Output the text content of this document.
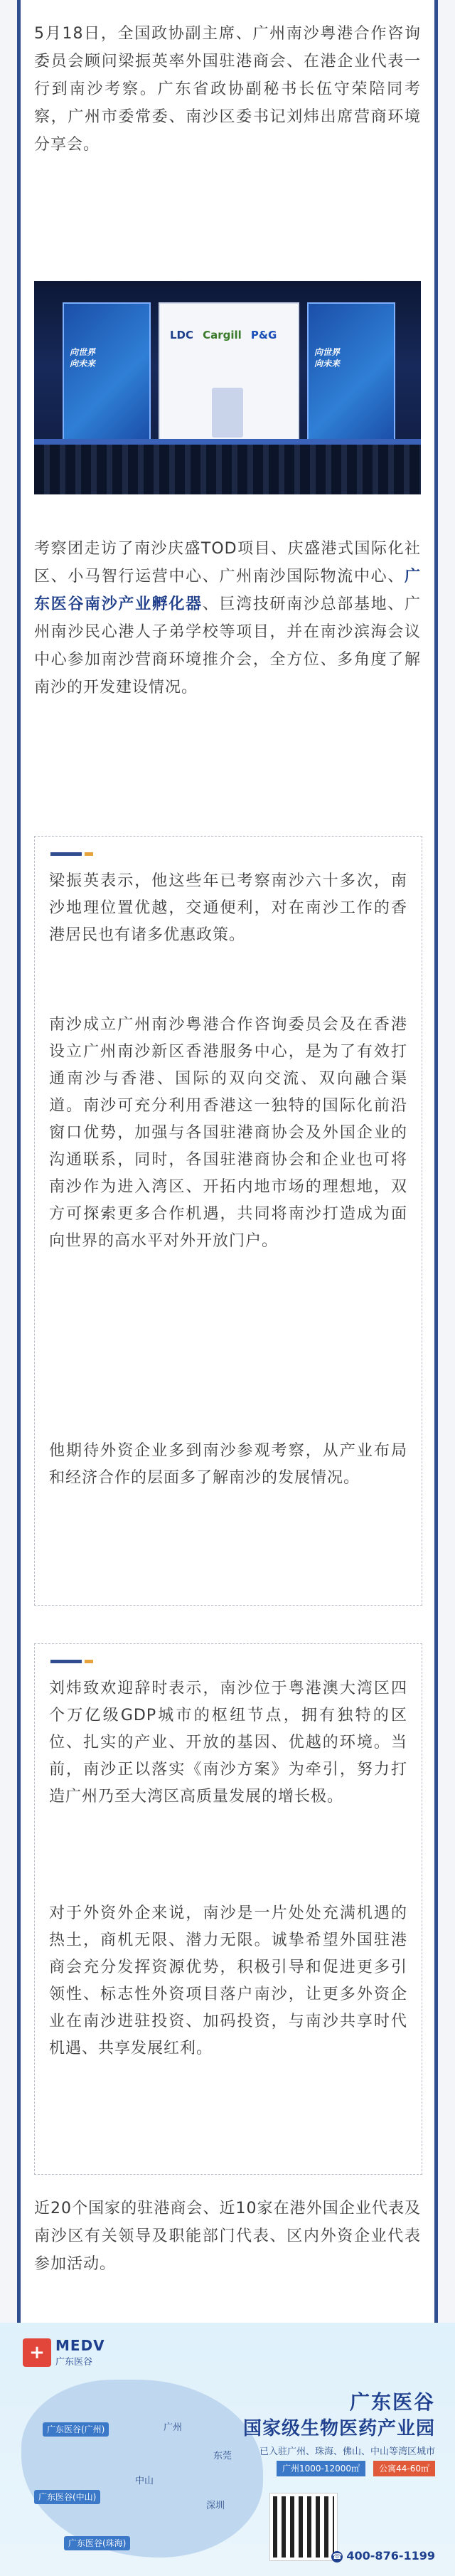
5月18日，全国政协副主席、广州南沙粤港合作咨询委员会顾问梁振英率外国驻港商会、在港企业代表一行到南沙考察。广东省政协副秘书长伍守荣陪同考察，广州市委常委、南沙区委书记刘炜出席营商环境分享会。

向世界
向未来
LDC Cargill P&G
向世界
向未来

考察团走访了南沙庆盛TOD项目、庆盛港式国际化社区、小马智行运营中心、广州南沙国际物流中心、广东医谷南沙产业孵化器、巨湾技研南沙总部基地、广州南沙民心港人子弟学校等项目，并在南沙滨海会议中心参加南沙营商环境推介会，全方位、多角度了解南沙的开发建设情况。

梁振英表示，他这些年已考察南沙六十多次，南沙地理位置优越，交通便利，对在南沙工作的香港居民也有诸多优惠政策。

南沙成立广州南沙粤港合作咨询委员会及在香港设立广州南沙新区香港服务中心，是为了有效打通南沙与香港、国际的双向交流、双向融合渠道。南沙可充分利用香港这一独特的国际化前沿窗口优势，加强与各国驻港商协会及外国企业的沟通联系，同时，各国驻港商协会和企业也可将南沙作为进入湾区、开拓内地市场的理想地，双方可探索更多合作机遇，共同将南沙打造成为面向世界的高水平对外开放门户。

他期待外资企业多到南沙参观考察，从产业布局和经济合作的层面多了解南沙的发展情况。

刘炜致欢迎辞时表示，南沙位于粤港澳大湾区四个万亿级GDP城市的枢纽节点，拥有独特的区位、扎实的产业、开放的基因、优越的环境。当前，南沙正以落实《南沙方案》为牵引，努力打造广州乃至大湾区高质量发展的增长极。

对于外资外企来说，南沙是一片处处充满机遇的热土，商机无限、潜力无限。诚挚希望外国驻港商会充分发挥资源优势，积极引导和促进更多引领性、标志性外资项目落户南沙，让更多外资企业在南沙进驻投资、加码投资，与南沙共享时代机遇、共享发展红利。

近20个国家的驻港商会、近10家在港外国企业代表及南沙区有关领导及职能部门代表、区内外资企业代表参加活动。

+ MEDV
广东医谷
广东医谷(广州)
广东医谷(中山)
广东医谷(珠海)
中山
广州
东莞
深圳
广东医谷
国家级生物医药产业园
已入驻广州、珠海、佛山、中山等湾区城市
广州1000-12000㎡ 公寓44-60㎡
☎ 400-876-1199
